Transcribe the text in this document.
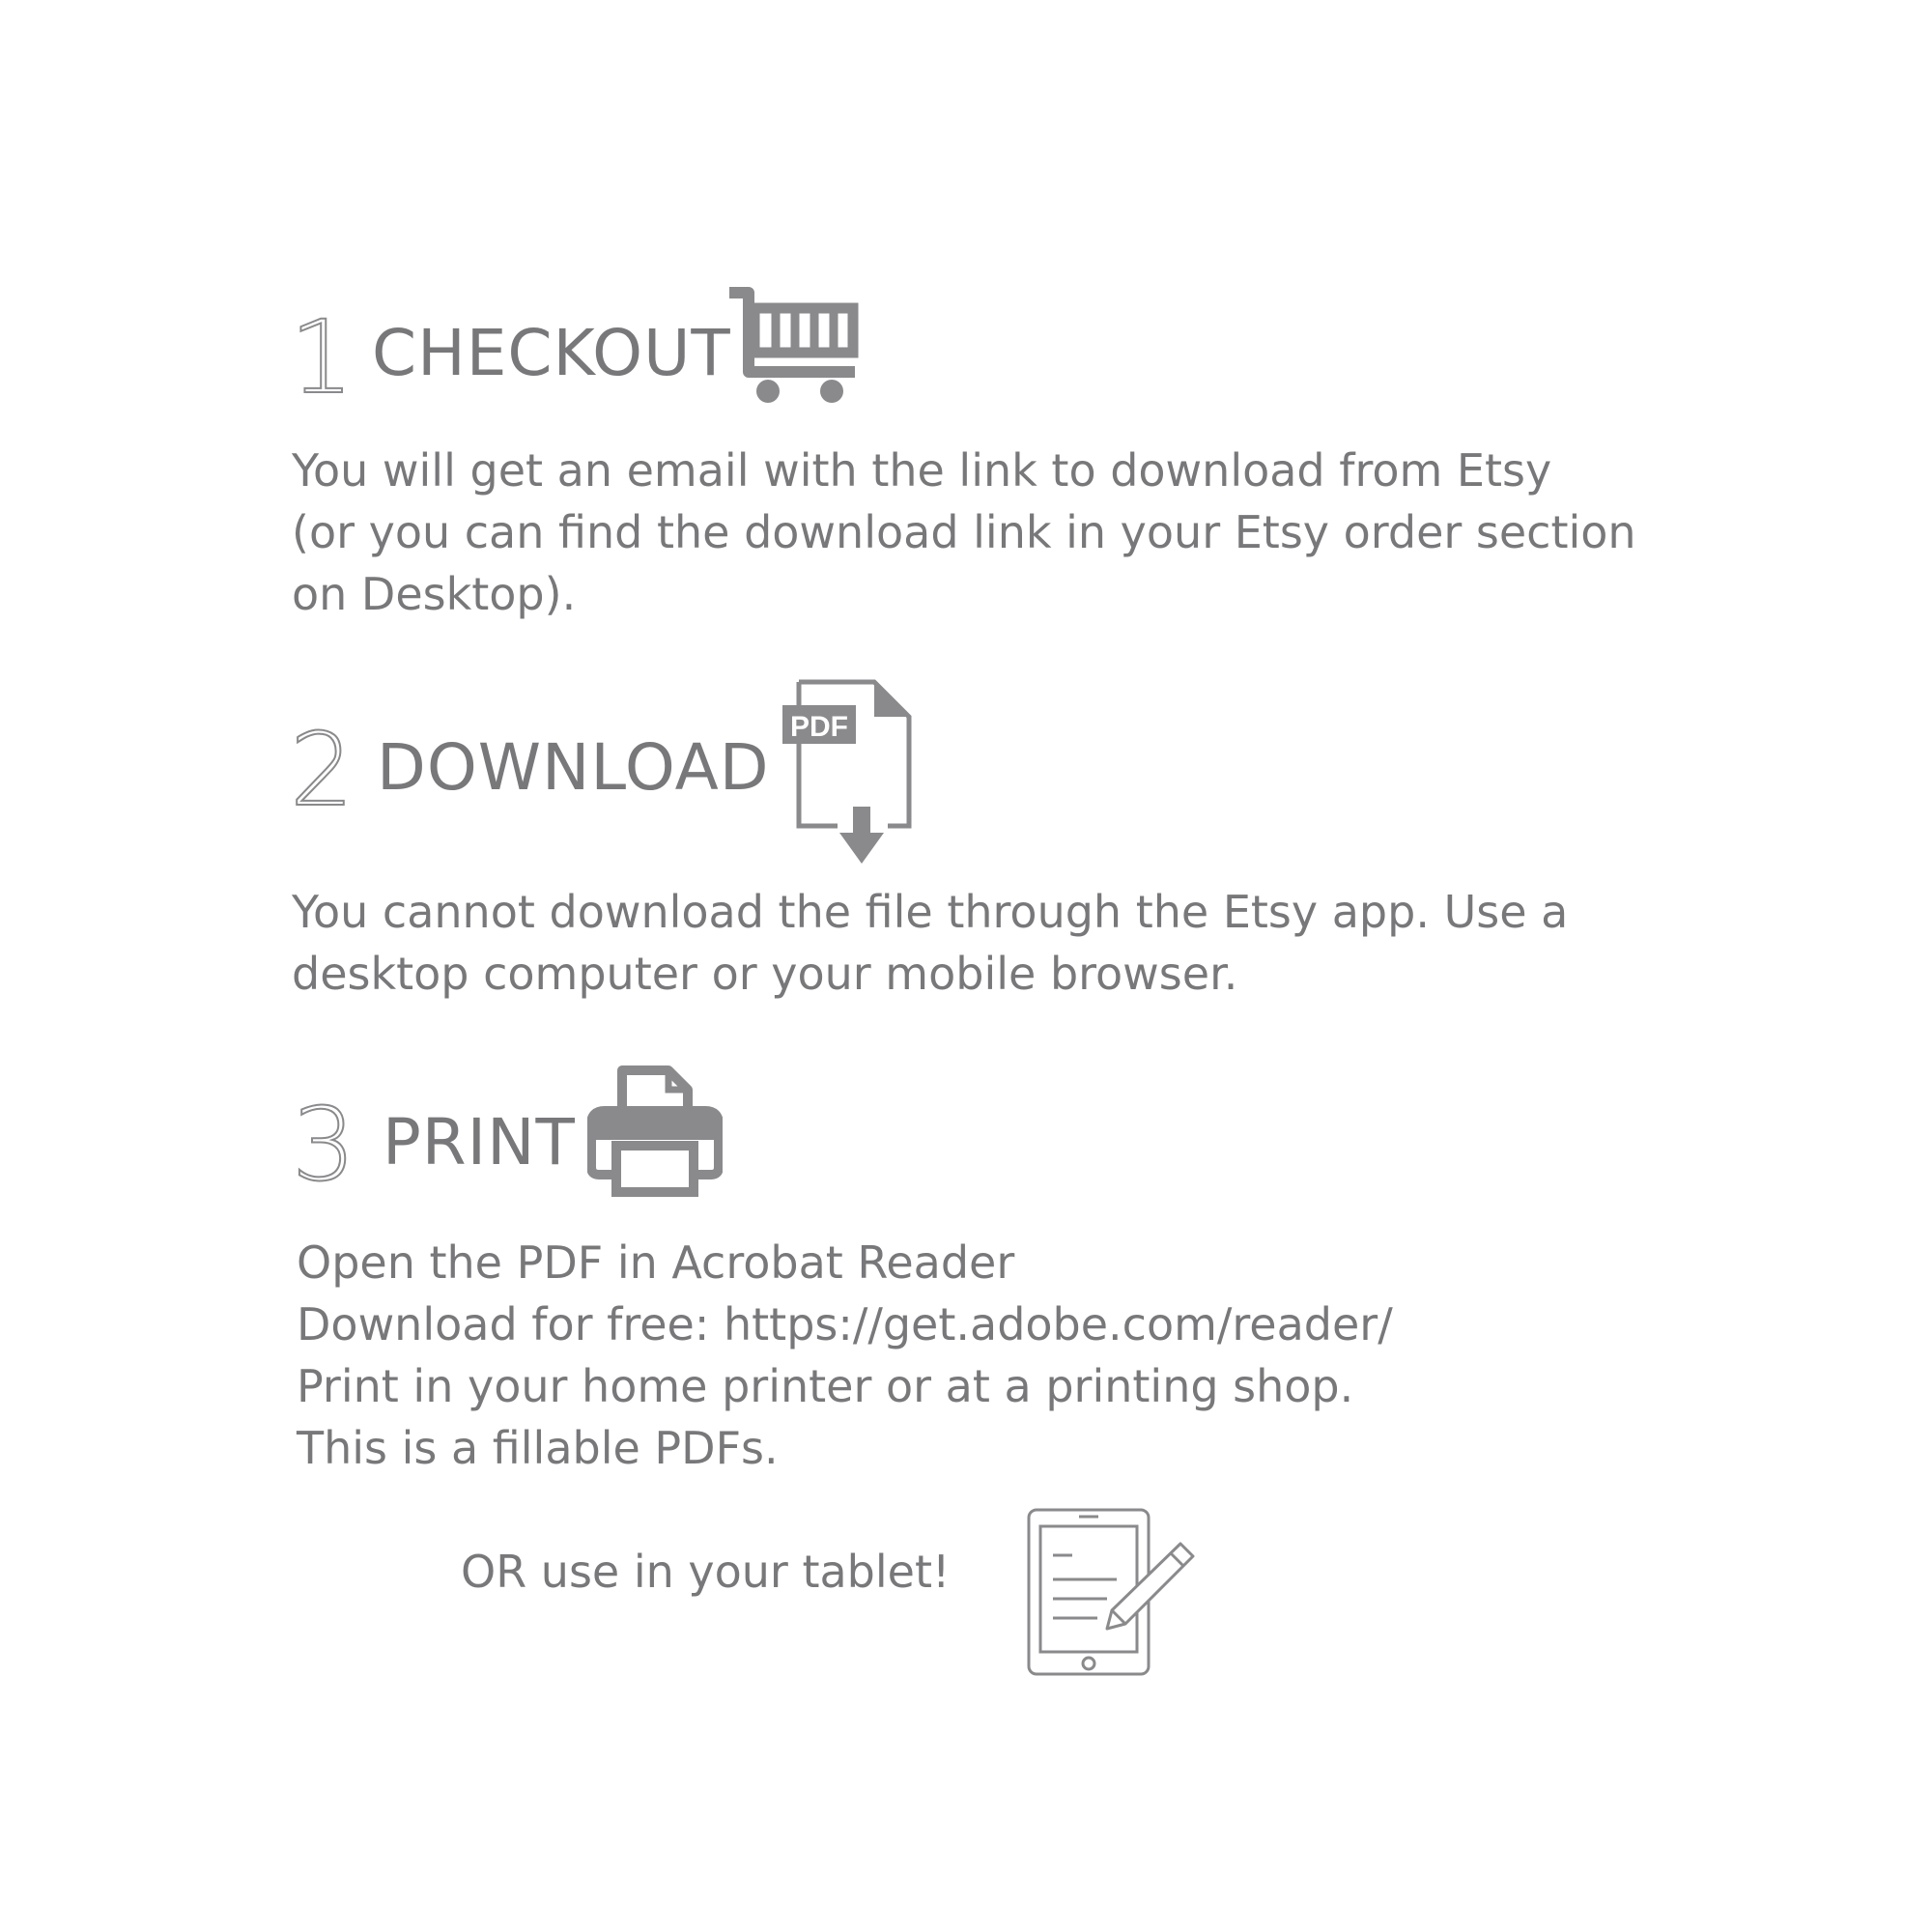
1 CHECKOUT
You will get an email with the link to download from Etsy
(or you can find the download link in your Etsy order section
on Desktop).
2 DOWNLOAD
PDF
You cannot download the file through the Etsy app. Use a
desktop computer or your mobile browser.
3 PRINT
Open the PDF in Acrobat Reader
Download for free: https://get.adobe.com/reader/
Print in your home printer or at a printing shop.
This is a fillable PDFs.
OR use in your tablet!
